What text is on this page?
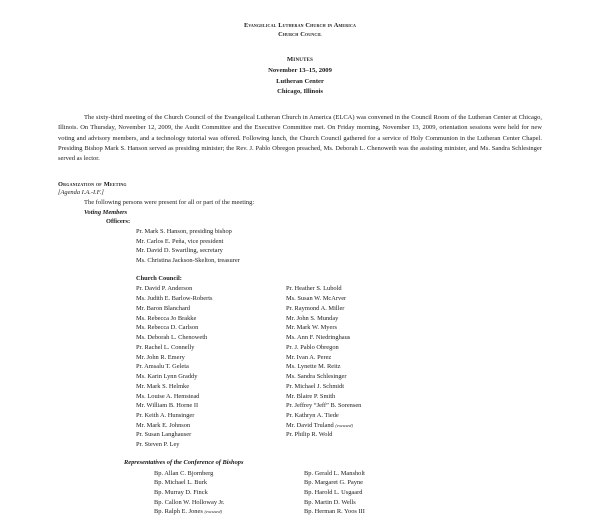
Evangelical Lutheran Church in America
Church Council
Minutes
November 13–15, 2009
Lutheran Center
Chicago, Illinois

The sixty-third meeting of the Church Council of the Evangelical Lutheran Church in America (ELCA) was convened in the Council Room of the Lutheran Center at Chicago, Illinois. On Thursday, November 12, 2009, the Audit Committee and the Executive Committee met. On Friday morning, November 13, 2009, orientation sessions were held for new voting and advisory members, and a technology tutorial was offered. Following lunch, the Church Council gathered for a service of Holy Communion in the Lutheran Center Chapel. Presiding Bishop Mark S. Hanson served as presiding minister; the Rev. J. Pablo Obregon preached, Ms. Deborah L. Chenoweth was the assisting minister, and Ms. Sandra Schlesinger served as lector.

Organization of Meeting
[Agenda I.A.-I.F.]
The following persons were present for all or part of the meeting:
Voting Members
Officers:
Pr. Mark S. Hanson, presiding bishop
Mr. Carlos E. Peña, vice president
Mr. David D. Swartling, secretary
Ms. Christina Jackson-Skelton, treasurer
Church Council:
Pr. David P. Anderson
Ms. Judith E. Barlow-Roberts
Mr. Baron Blanchard
Ms. Rebecca Jo Brakke
Ms. Rebecca D. Carlson
Ms. Deborah L. Chenoweth
Pr. Rachel L. Connelly
Mr. John R. Emery
Pr. Amsalu T. Geleta
Ms. Karin Lynn Graddy
Mr. Mark S. Helmke
Ms. Louise A. Hemstead
Mr. William B. Horne II
Pr. Keith A. Hunsinger
Mr. Mark E. Johnson
Pr. Susan Langhauser
Pr. Steven P. Ley
Pr. Heather S. Lubold
Ms. Susan W. McArver
Pr. Raymond A. Miller
Mr. John S. Munday
Mr. Mark W. Myers
Ms. Ann F. Niedringhaus
Pr. J. Pablo Obregon
Mr. Ivan A. Perez
Ms. Lynette M. Reitz
Ms. Sandra Schlesinger
Pr. Michael J. Schmidt
Mr. Blaire P. Smith
Pr. Jeffrey “Jeff” B. Sorensen
Pr. Kathryn A. Tiede
Mr. David Truland (excused)
Pr. Philip R. Wold
Representatives of the Conference of Bishops
Bp. Allan C. Bjornberg
Bp. Michael L. Burk
Bp. Murray D. Finck
Bp. Callon W. Holloway Jr.
Bp. Ralph E. Jones (excused)
Bp. Gerald L. Mansholt
Bp. Margaret G. Payne
Bp. Harold L. Usgaard
Bp. Martin D. Wells
Bp. Herman R. Yoos III
